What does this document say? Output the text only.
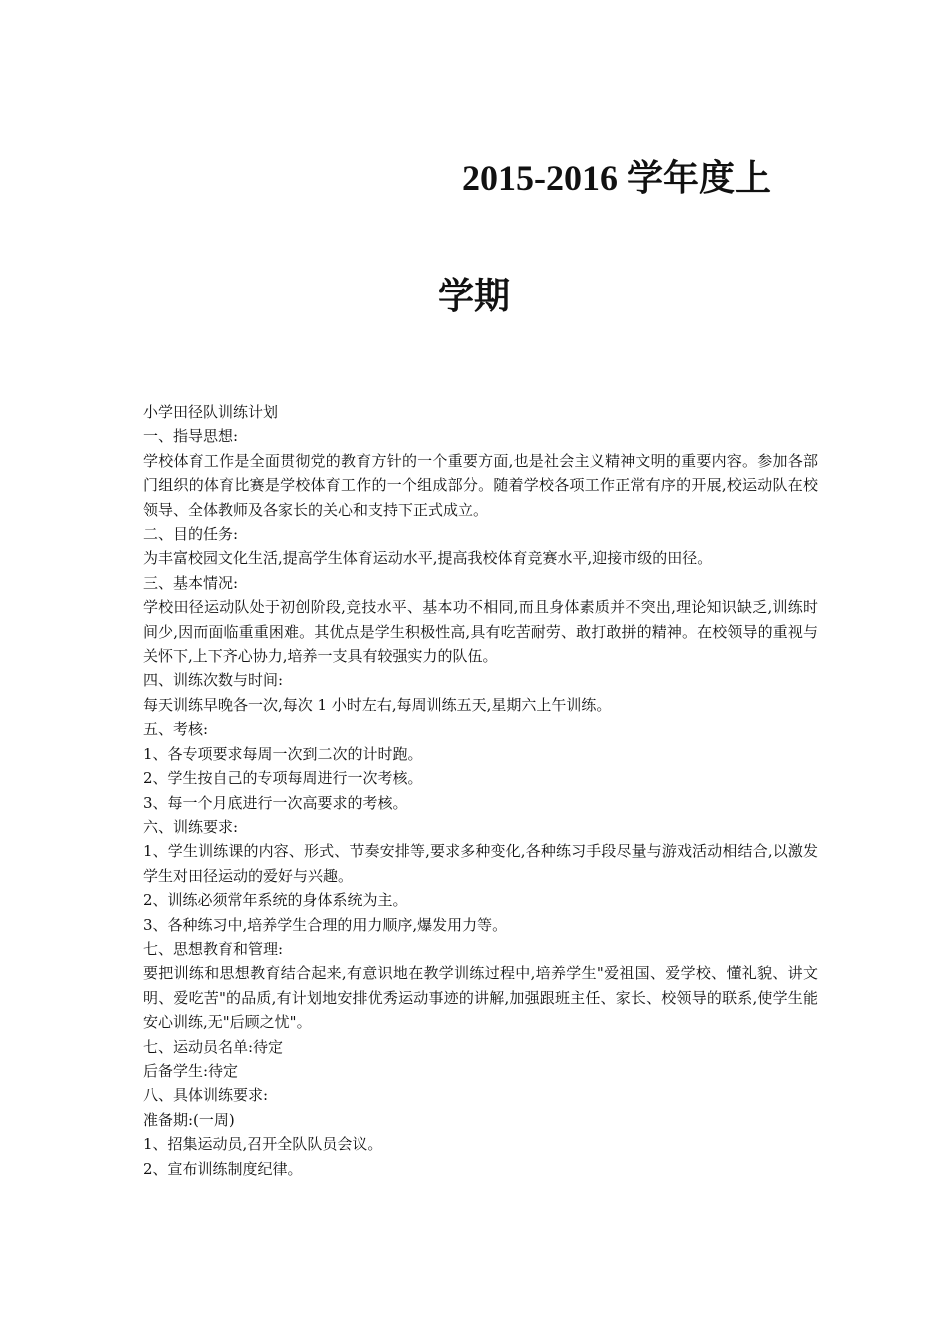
2015-2016 学年度上
学期

小学田径队训练计划

一、指导思想:

学校体育工作是全面贯彻党的教育方针的一个重要方面,也是社会主义精神文明的重要内容。参加各部门组织的体育比赛是学校体育工作的一个组成部分。随着学校各项工作正常有序的开展,校运动队在校领导、全体教师及各家长的关心和支持下正式成立。

二、目的任务:

为丰富校园文化生活,提高学生体育运动水平,提高我校体育竞赛水平,迎接市级的田径。

三、基本情况:

学校田径运动队处于初创阶段,竞技水平、基本功不相同,而且身体素质并不突出,理论知识缺乏,训练时间少,因而面临重重困难。其优点是学生积极性高,具有吃苦耐劳、敢打敢拼的精神。在校领导的重视与关怀下,上下齐心协力,培养一支具有较强实力的队伍。

四、训练次数与时间:

每天训练早晚各一次,每次 1 小时左右,每周训练五天,星期六上午训练。

五、考核:

1、各专项要求每周一次到二次的计时跑。

2、学生按自己的专项每周进行一次考核。

3、每一个月底进行一次高要求的考核。

六、训练要求:

1、学生训练课的内容、形式、节奏安排等,要求多种变化,各种练习手段尽量与游戏活动相结合,以激发学生对田径运动的爱好与兴趣。

2、训练必须常年系统的身体系统为主。

3、各种练习中,培养学生合理的用力顺序,爆发用力等。

七、思想教育和管理:

要把训练和思想教育结合起来,有意识地在教学训练过程中,培养学生"爱祖国、爱学校、懂礼貌、讲文明、爱吃苦"的品质,有计划地安排优秀运动事迹的讲解,加强跟班主任、家长、校领导的联系,使学生能安心训练,无"后顾之忧"。

七、运动员名单:待定

后备学生:待定

八、具体训练要求:

准备期:(一周)

1、招集运动员,召开全队队员会议。

2、宣布训练制度纪律。
